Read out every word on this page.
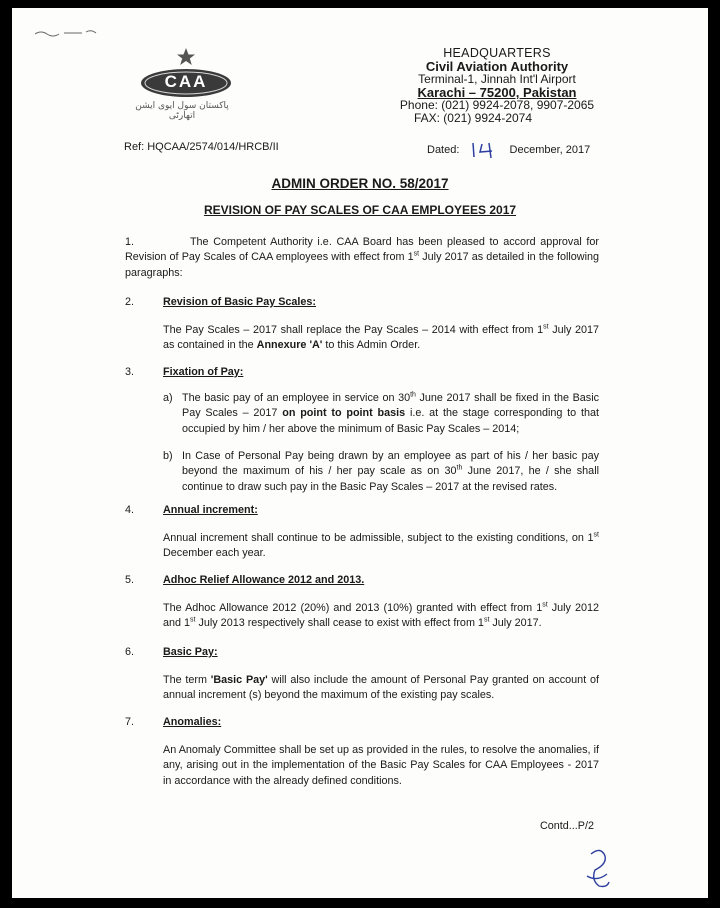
CAA
پاکستان سول ایوی ایشن اتھارٹی
HEADQUARTERS
Civil Aviation Authority
Terminal-1, Jinnah Int'l Airport
Karachi – 75200, Pakistan
Phone: (021) 9924-2078, 9907-2065
FAX: (021) 9924-2074
Ref: HQCAA/2574/014/HRCB/II	Dated:	December, 2017
ADMIN ORDER NO. 58/2017
REVISION OF PAY SCALES OF CAA EMPLOYEES 2017
1.	The Competent Authority i.e. CAA Board has been pleased to accord approval for Revision of Pay Scales of CAA employees with effect from 1st July 2017 as detailed in the following paragraphs:
2.	Revision of Basic Pay Scales:
The Pay Scales – 2017 shall replace the Pay Scales – 2014 with effect from 1st July 2017 as contained in the Annexure 'A' to this Admin Order.
3.	Fixation of Pay:
a) The basic pay of an employee in service on 30th June 2017 shall be fixed in the Basic Pay Scales – 2017 on point to point basis i.e. at the stage corresponding to that occupied by him / her above the minimum of Basic Pay Scales – 2014;
b) In Case of Personal Pay being drawn by an employee as part of his / her basic pay beyond the maximum of his / her pay scale as on 30th June 2017, he / she shall continue to draw such pay in the Basic Pay Scales – 2017 at the revised rates.
4.	Annual increment:
Annual increment shall continue to be admissible, subject to the existing conditions, on 1st December each year.
5.	Adhoc Relief Allowance 2012 and 2013.
The Adhoc Allowance 2012 (20%) and 2013 (10%) granted with effect from 1st July 2012 and 1st July 2013 respectively shall cease to exist with effect from 1st July 2017.
6.	Basic Pay:
The term 'Basic Pay' will also include the amount of Personal Pay granted on account of annual increment (s) beyond the maximum of the existing pay scales.
7.	Anomalies:
An Anomaly Committee shall be set up as provided in the rules, to resolve the anomalies, if any, arising out in the implementation of the Basic Pay Scales for CAA Employees - 2017 in accordance with the already defined conditions.
Contd...P/2
